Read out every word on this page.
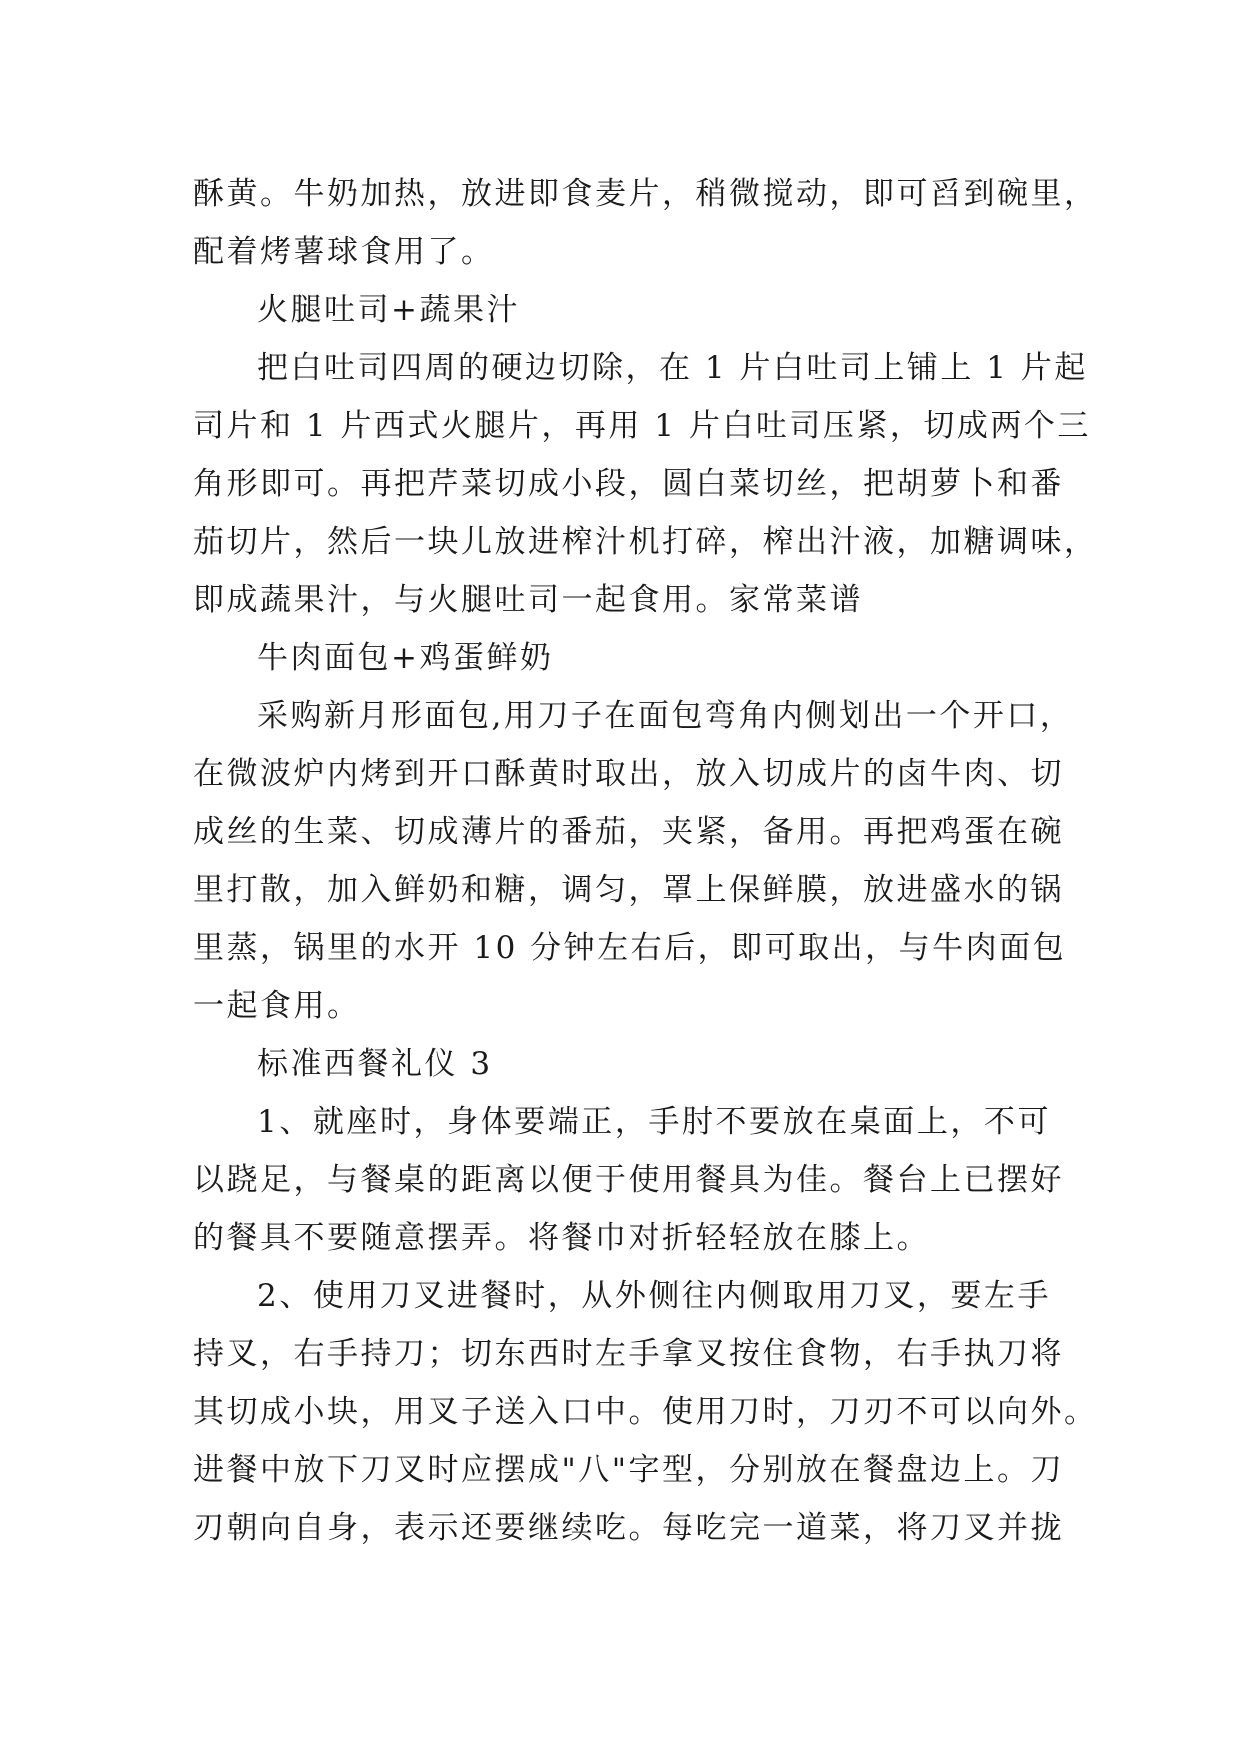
酥黄。牛奶加热，放进即食麦片，稍微搅动，即可舀到碗里，
配着烤薯球食用了。
火腿吐司+蔬果汁
把白吐司四周的硬边切除，在 1 片白吐司上铺上 1 片起
司片和 1 片西式火腿片，再用 1 片白吐司压紧，切成两个三
角形即可。再把芹菜切成小段，圆白菜切丝，把胡萝卜和番
茄切片，然后一块儿放进榨汁机打碎，榨出汁液，加糖调味，
即成蔬果汁，与火腿吐司一起食用。家常菜谱
牛肉面包+鸡蛋鲜奶
采购新月形面包,用刀子在面包弯角内侧划出一个开口，
在微波炉内烤到开口酥黄时取出，放入切成片的卤牛肉、切
成丝的生菜、切成薄片的番茄，夹紧，备用。再把鸡蛋在碗
里打散，加入鲜奶和糖，调匀，罩上保鲜膜，放进盛水的锅
里蒸，锅里的水开 10 分钟左右后，即可取出，与牛肉面包
一起食用。
标准西餐礼仪 3
1、就座时，身体要端正，手肘不要放在桌面上，不可
以跷足，与餐桌的距离以便于使用餐具为佳。餐台上已摆好
的餐具不要随意摆弄。将餐巾对折轻轻放在膝上。
2、使用刀叉进餐时，从外侧往内侧取用刀叉，要左手
持叉，右手持刀；切东西时左手拿叉按住食物，右手执刀将
其切成小块，用叉子送入口中。使用刀时，刀刃不可以向外。
进餐中放下刀叉时应摆成"八"字型，分别放在餐盘边上。刀
刃朝向自身，表示还要继续吃。每吃完一道菜，将刀叉并拢
